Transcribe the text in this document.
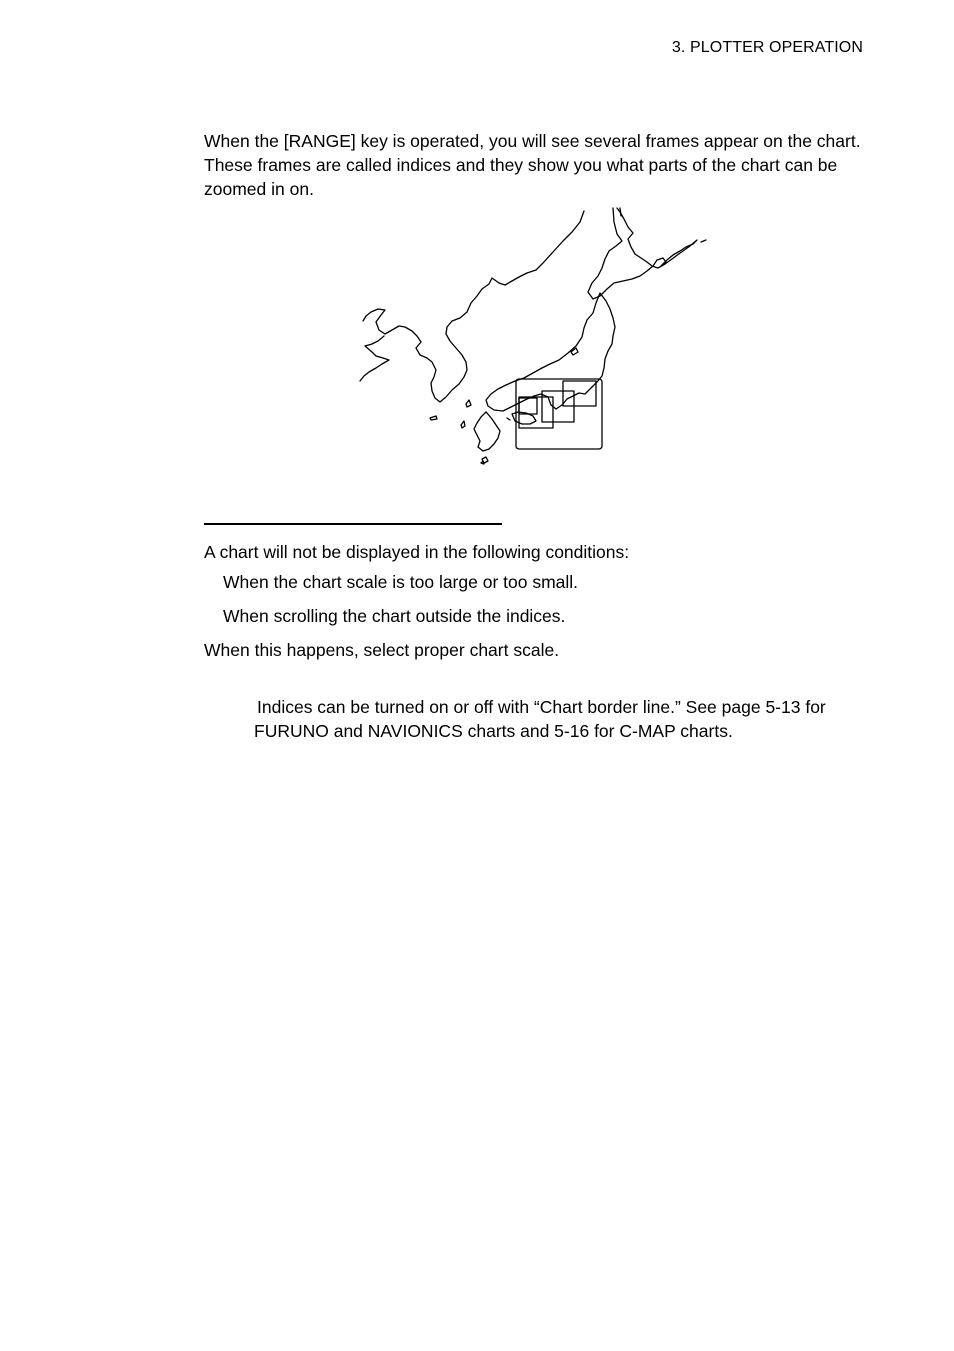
3. PLOTTER OPERATION

When the [RANGE] key is operated, you will see several frames appear on the chart. These frames are called indices and they show you what parts of the chart can be zoomed in on.

A chart will not be displayed in the following conditions:

When the chart scale is too large or too small.

When scrolling the chart outside the indices.

When this happens, select proper chart scale.

Indices can be turned on or off with “Chart border line.” See page 5-13 for
FURUNO and NAVIONICS charts and 5-16 for C-MAP charts.
